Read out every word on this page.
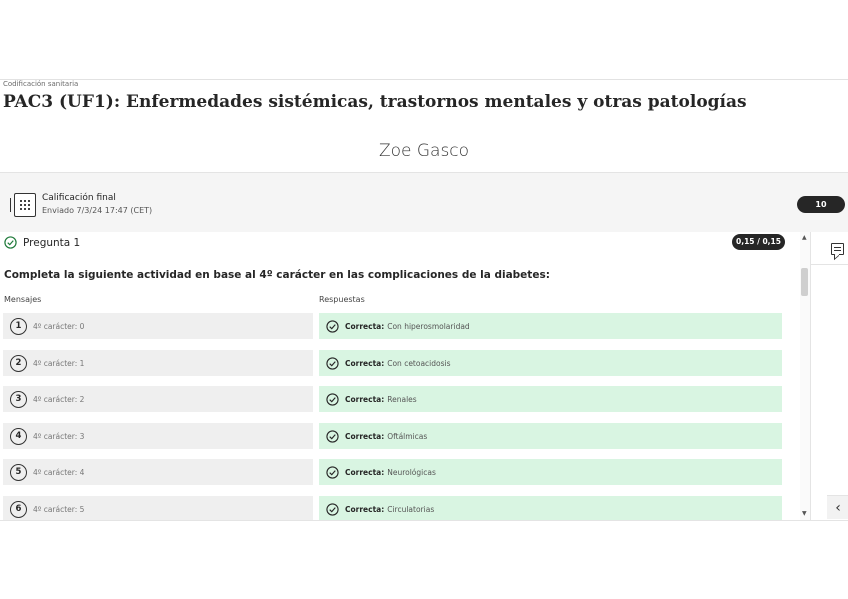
Codificación sanitaria
PAC3 (UF1): Enfermedades sistémicas, trastornos mentales y otras patologías
Zoe Gasco
Calificación final
Enviado 7/3/24 17:47 (CET)
10
Pregunta 1	0,15 / 0,15
Completa la siguiente actividad en base al 4º carácter en las complicaciones de la diabetes:
Mensajes	Respuestas
1	4º carácter: 0	Correcta: Con hiperosmolaridad
2	4º carácter: 1	Correcta: Con cetoacidosis
3	4º carácter: 2	Correcta: Renales
4	4º carácter: 3	Correcta: Oftálmicas
5	4º carácter: 4	Correcta: Neurológicas
6	4º carácter: 5	Correcta: Circulatorias
▲
▼ ‹
